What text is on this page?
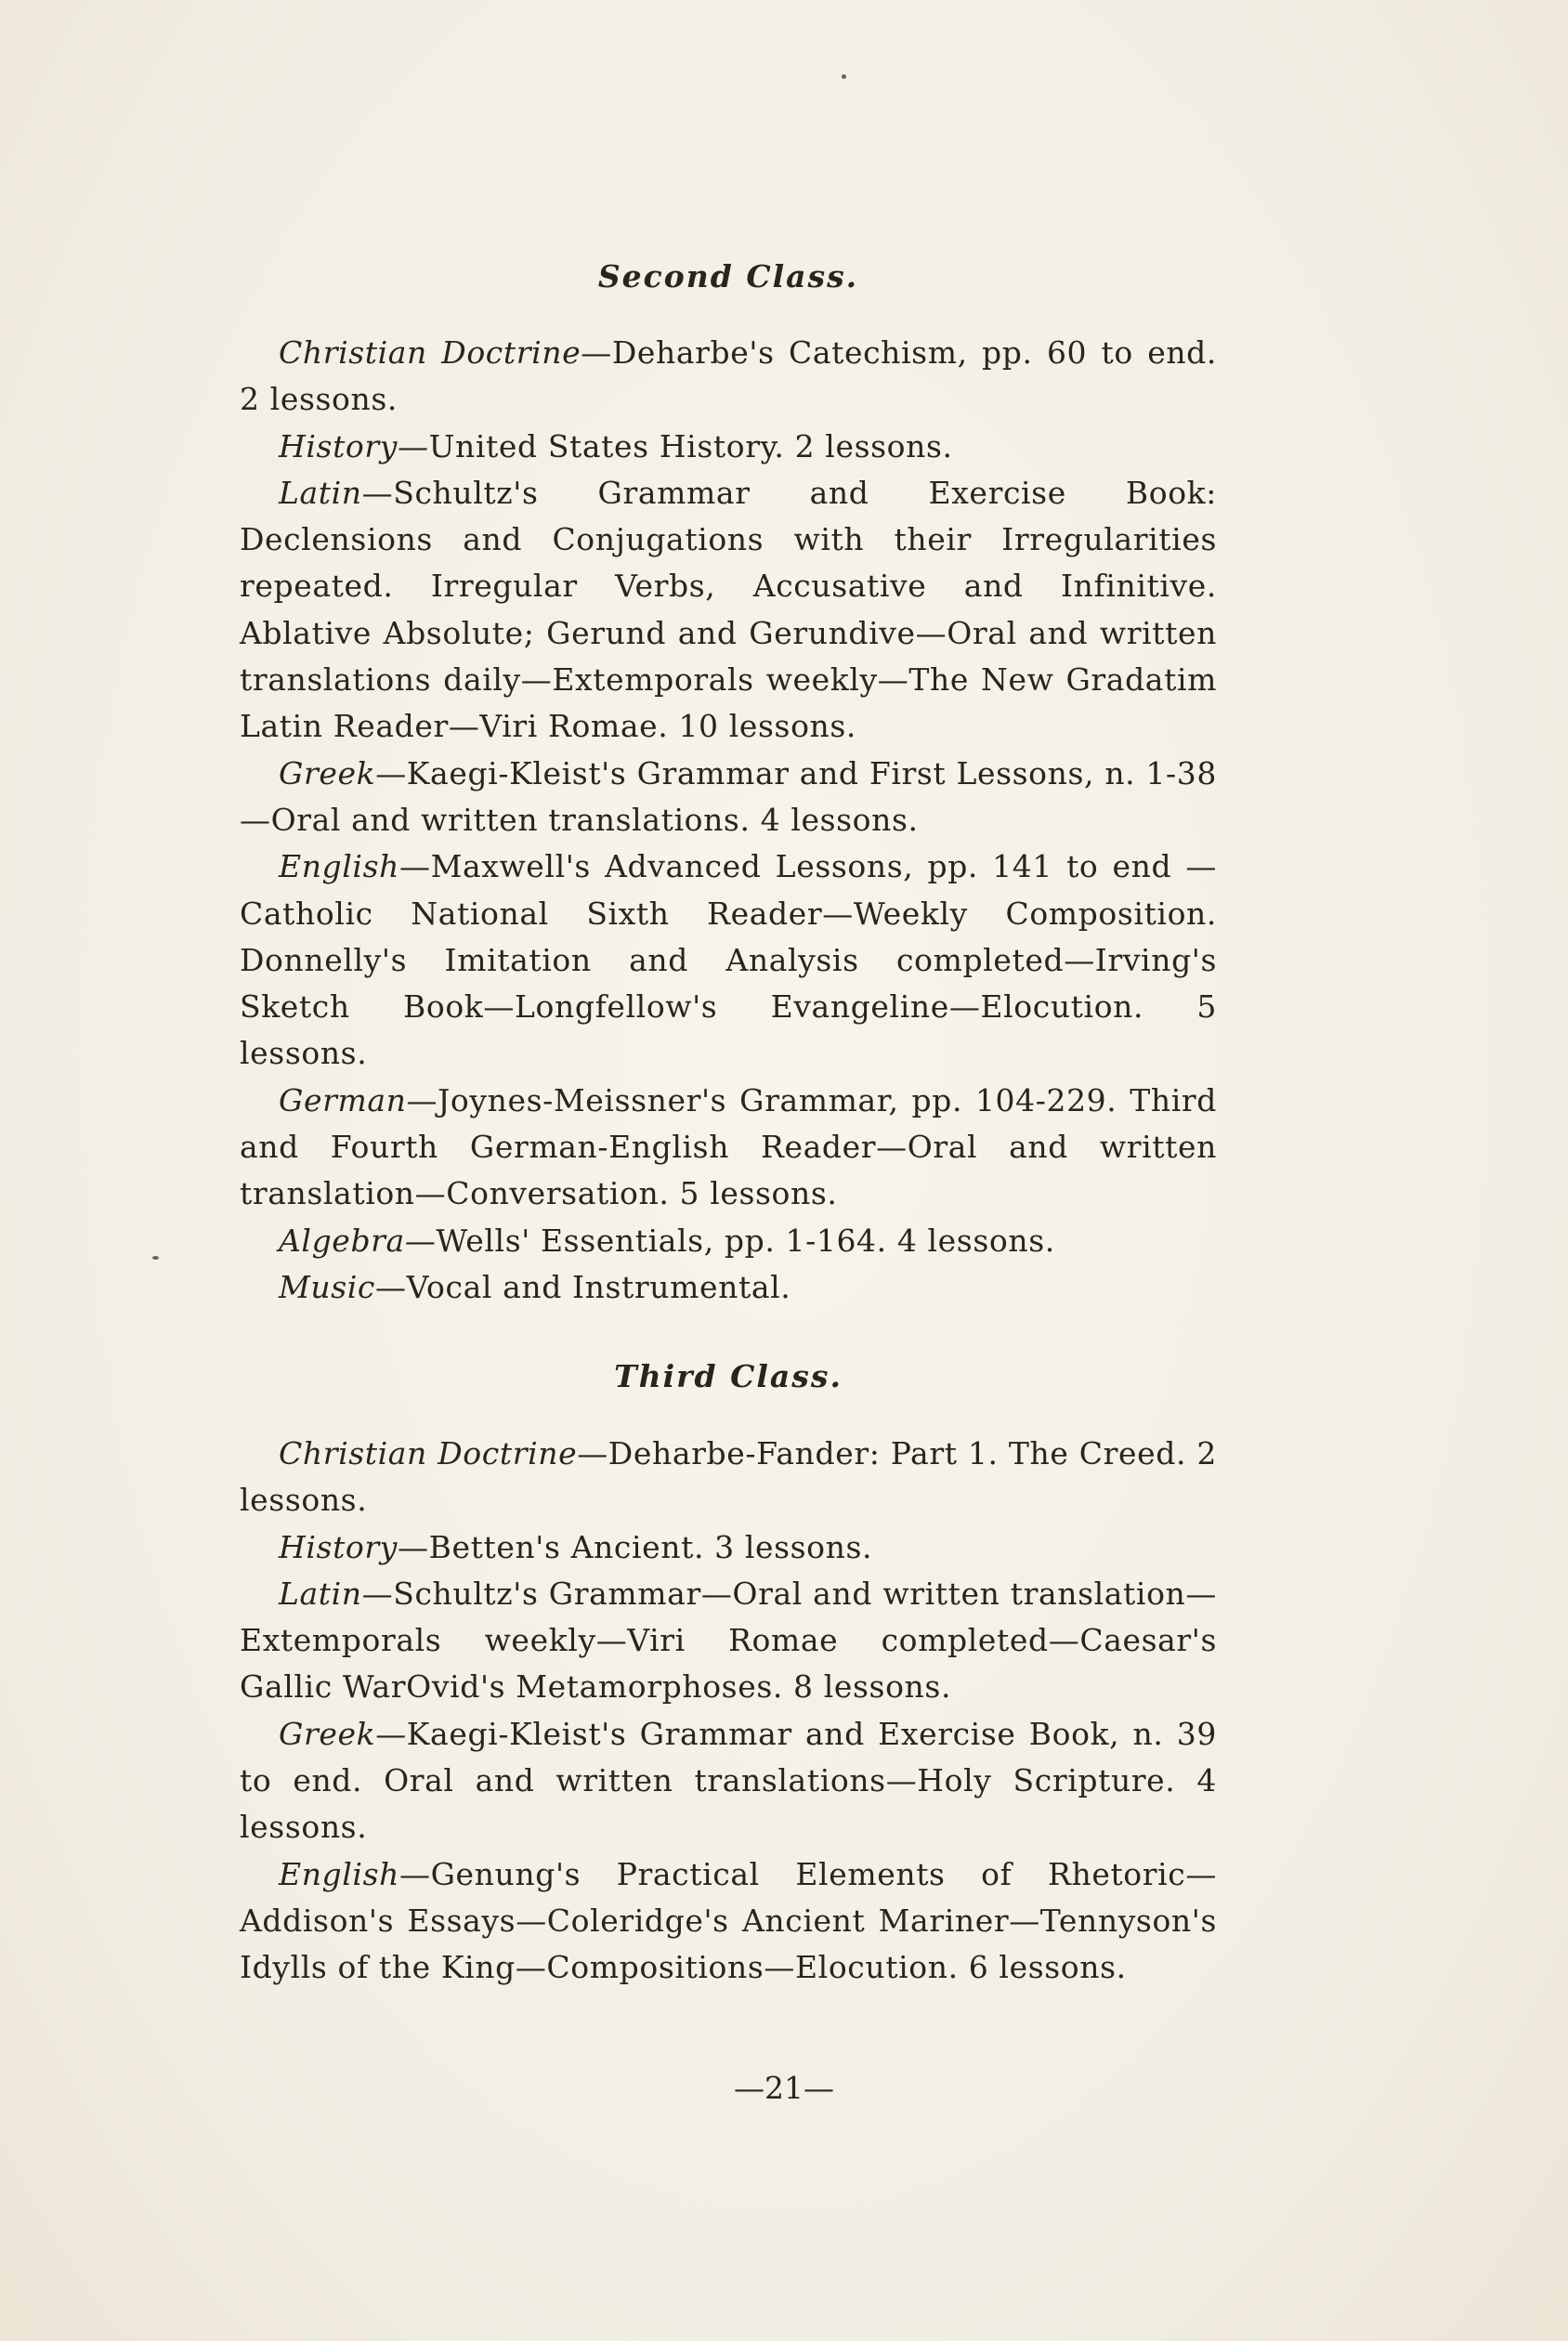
Second Class.

Christian Doctrine—Deharbe's Catechism, pp. 60 to end. 2 lessons.

History—United States History. 2 lessons.

Latin—Schultz's Grammar and Exercise Book: Declensions and Conjugations with their Irregularities repeated. Irregular Verbs, Accusative and Infinitive. Ablative Absolute; Gerund and Gerundive—Oral and written translations daily—Extemporals weekly—The New Gradatim Latin Reader—Viri Romae. 10 lessons.

Greek—Kaegi-Kleist's Grammar and First Lessons, n. 1-38—Oral and written translations. 4 lessons.

English—Maxwell's Advanced Lessons, pp. 141 to end —Catholic National Sixth Reader—Weekly Composition. Donnelly's Imitation and Analysis completed—Irving's Sketch Book—Longfellow's Evangeline—Elocution. 5 lessons.

German—Joynes-Meissner's Grammar, pp. 104-229. Third and Fourth German-English Reader—Oral and written translation—Conversation. 5 lessons.

Algebra—Wells' Essentials, pp. 1-164. 4 lessons.

Music—Vocal and Instrumental.

Third Class.

Christian Doctrine—Deharbe-Fander: Part 1. The Creed. 2 lessons.

History—Betten's Ancient. 3 lessons.

Latin—Schultz's Grammar—Oral and written translation—Extemporals weekly—Viri Romae completed—Caesar's Gallic WarOvid's Metamorphoses. 8 lessons.

Greek—Kaegi-Kleist's Grammar and Exercise Book, n. 39 to end. Oral and written translations—Holy Scripture. 4 lessons.

English—Genung's Practical Elements of Rhetoric—Addison's Essays—Coleridge's Ancient Mariner—Tennyson's Idylls of the King—Compositions—Elocution. 6 lessons.

—21—
